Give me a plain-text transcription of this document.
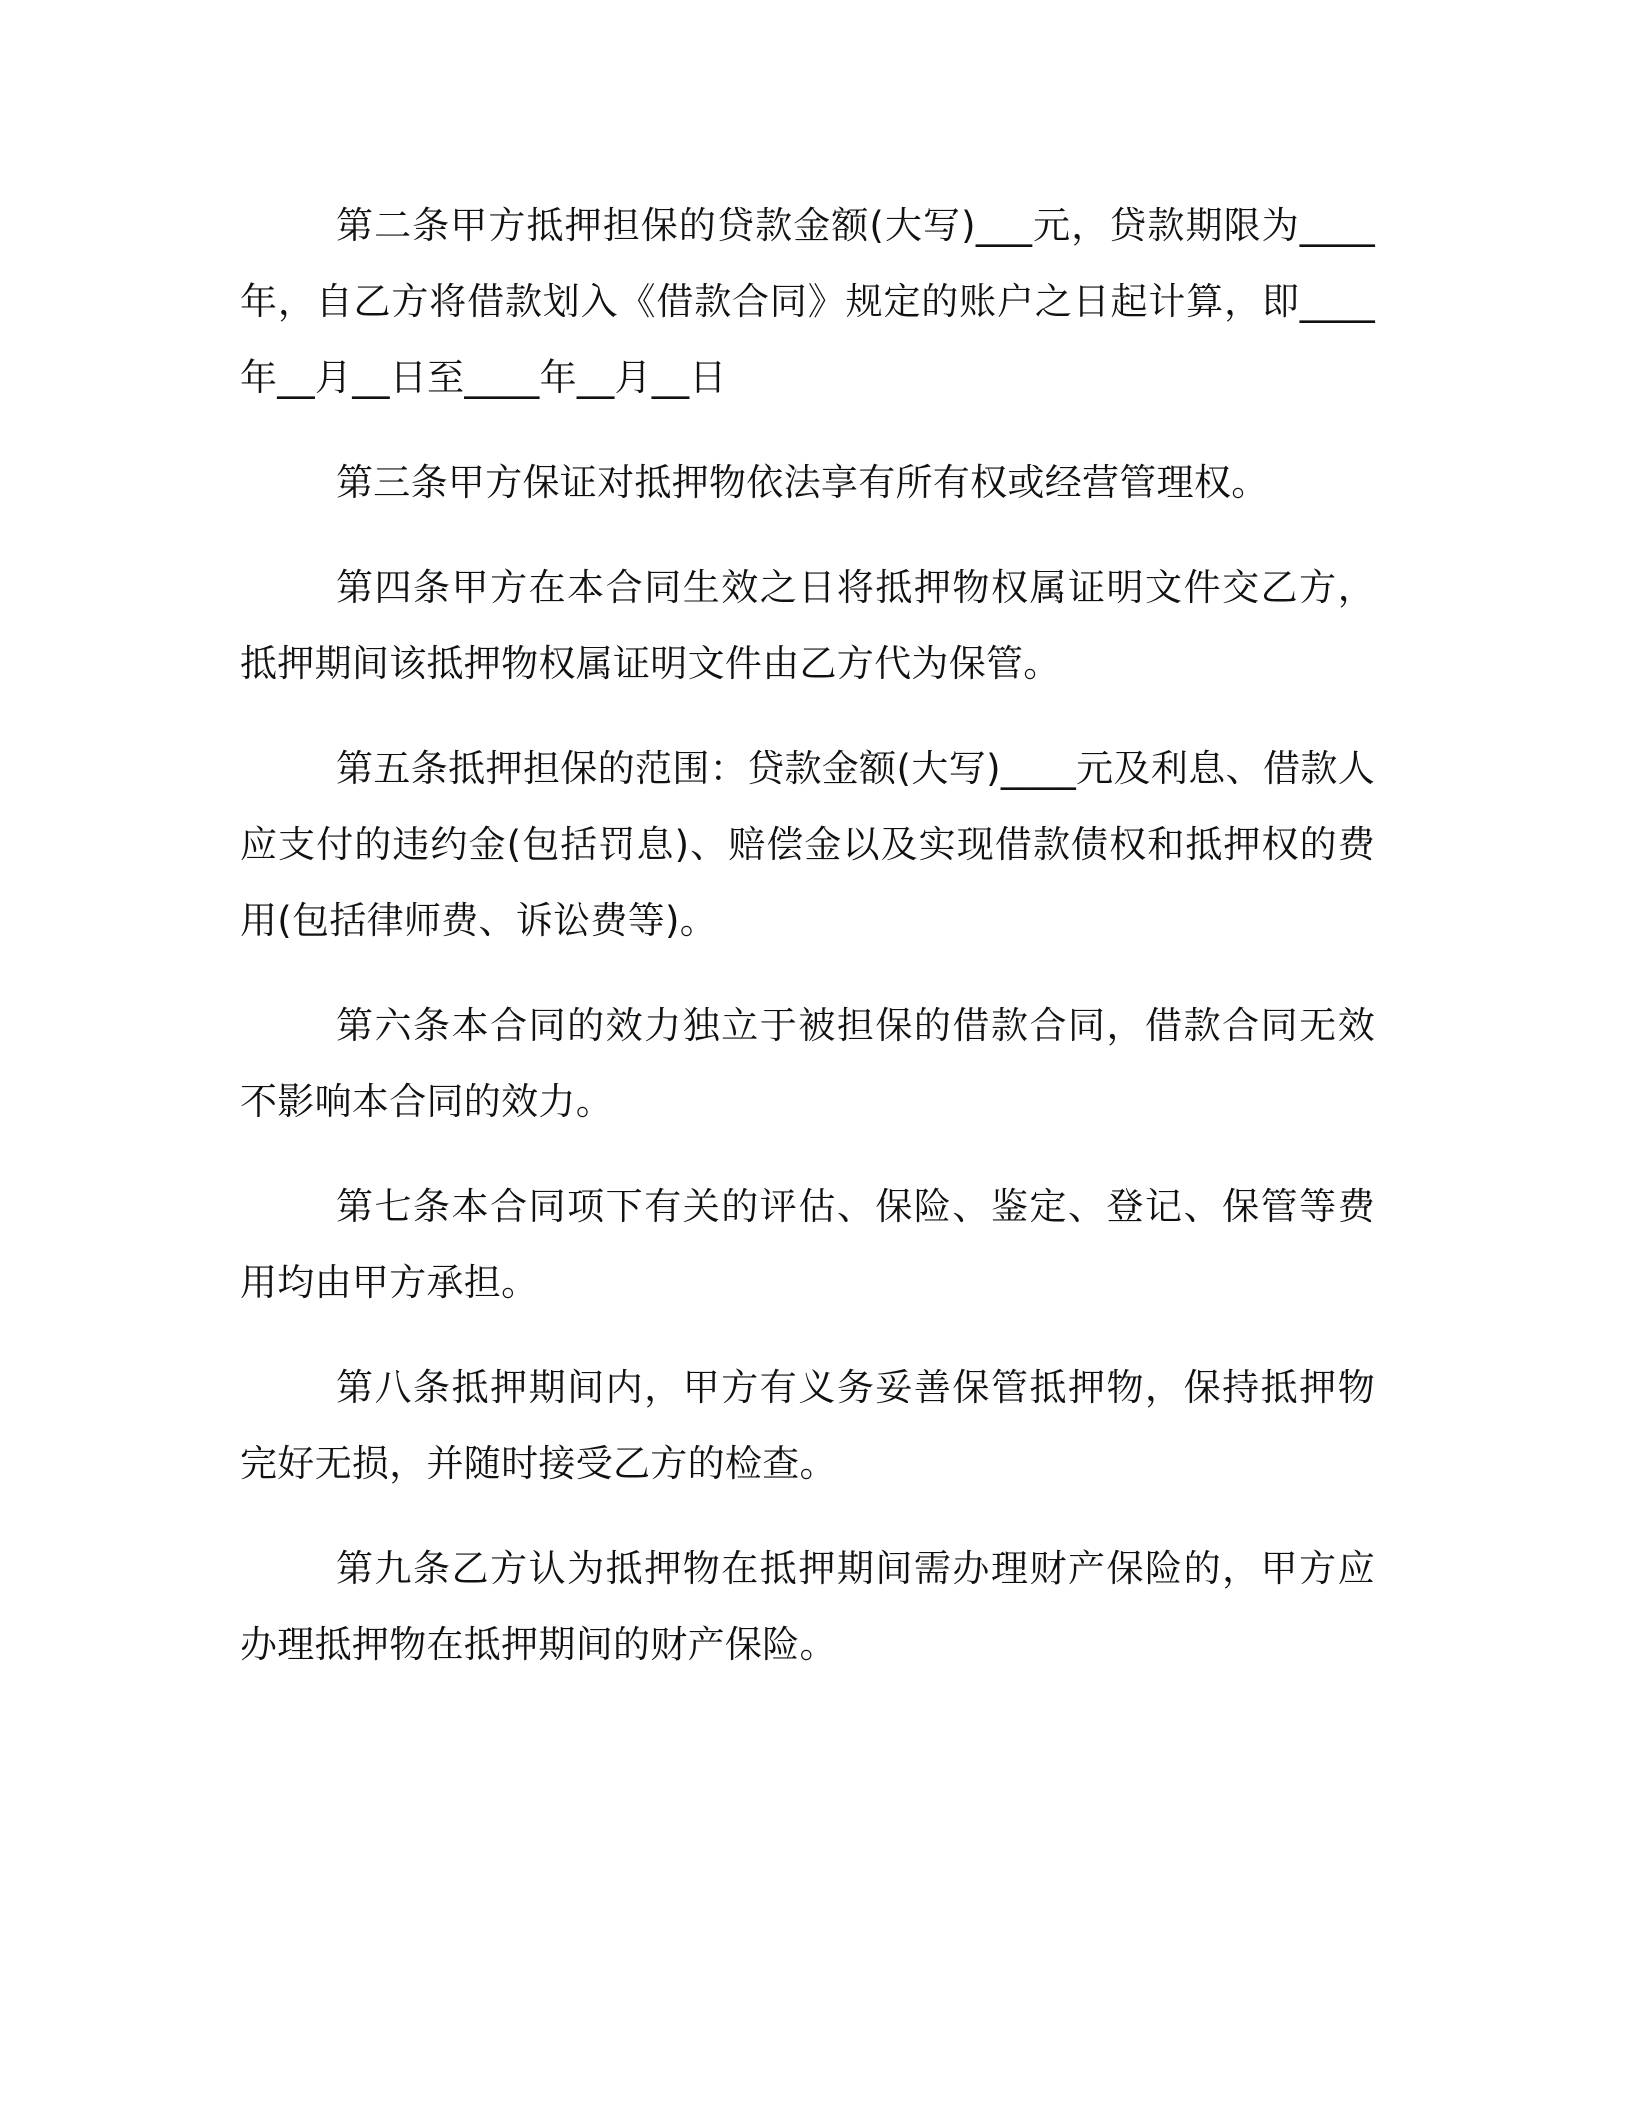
第二条甲方抵押担保的贷款金额(大写)___元，贷款期限为____年，自乙方将借款划入《借款合同》规定的账户之日起计算，即____年__月__日至____年__月__日

第三条甲方保证对抵押物依法享有所有权或经营管理权。

第四条甲方在本合同生效之日将抵押物权属证明文件交乙方，抵押期间该抵押物权属证明文件由乙方代为保管。

第五条抵押担保的范围：贷款金额(大写)____元及利息、借款人应支付的违约金(包括罚息)、赔偿金以及实现借款债权和抵押权的费用(包括律师费、诉讼费等)。

第六条本合同的效力独立于被担保的借款合同，借款合同无效不影响本合同的效力。

第七条本合同项下有关的评估、保险、鉴定、登记、保管等费用均由甲方承担。

第八条抵押期间内，甲方有义务妥善保管抵押物，保持抵押物完好无损，并随时接受乙方的检查。

第九条乙方认为抵押物在抵押期间需办理财产保险的，甲方应办理抵押物在抵押期间的财产保险。
